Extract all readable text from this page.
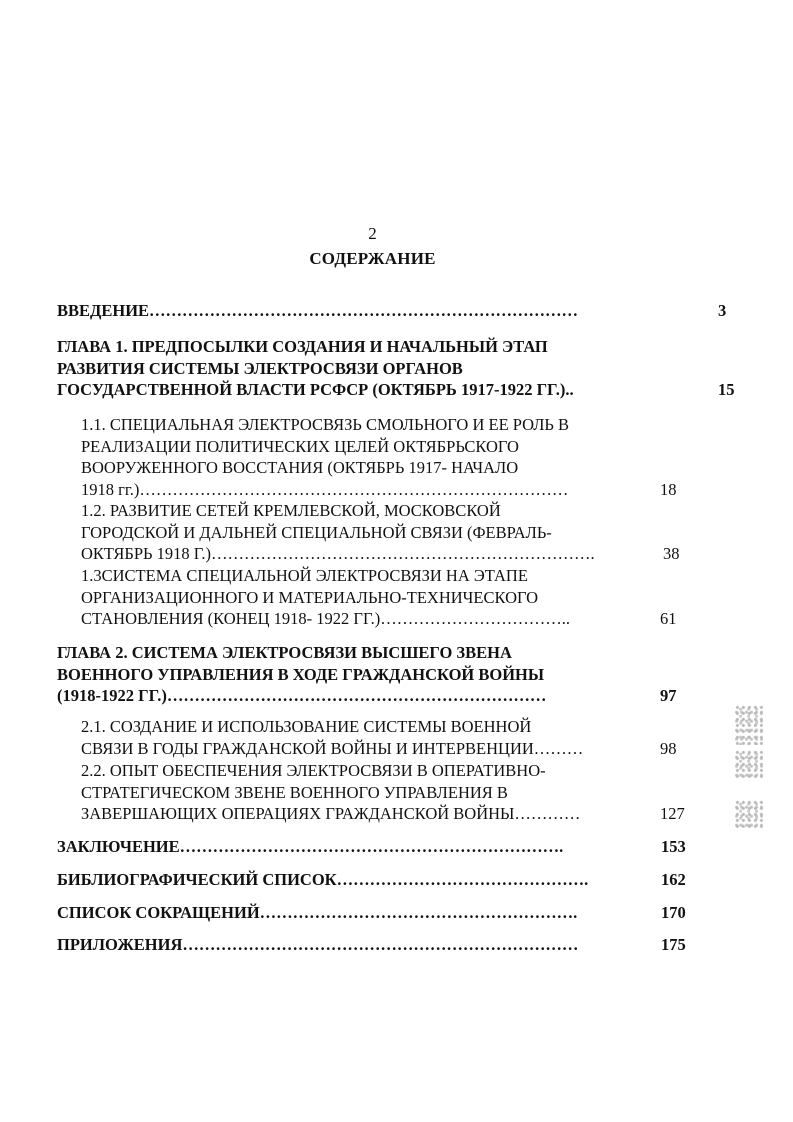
2
СОДЕРЖАНИЕ
ВВЕДЕНИЕ……………………………………………………………………	3
ГЛАВА 1. ПРЕДПОСЫЛКИ СОЗДАНИЯ И НАЧАЛЬНЫЙ ЭТАП
РАЗВИТИЯ СИСТЕМЫ ЭЛЕКТРОСВЯЗИ ОРГАНОВ
ГОСУДАРСТВЕННОЙ ВЛАСТИ РСФСР (ОКТЯБРЬ 1917-1922 ГГ.)..	15
1.1. СПЕЦИАЛЬНАЯ ЭЛЕКТРОСВЯЗЬ СМОЛЬНОГО И ЕЕ РОЛЬ В
РЕАЛИЗАЦИИ ПОЛИТИЧЕСКИХ ЦЕЛЕЙ ОКТЯБРЬСКОГО
ВООРУЖЕННОГО ВОССТАНИЯ (ОКТЯБРЬ 1917- НАЧАЛО
1918 гг.)……………………………………………………………………	18
1.2. РАЗВИТИЕ СЕТЕЙ КРЕМЛЕВСКОЙ, МОСКОВСКОЙ
ГОРОДСКОЙ И ДАЛЬНЕЙ СПЕЦИАЛЬНОЙ СВЯЗИ (ФЕВРАЛЬ-
ОКТЯБРЬ 1918 Г.)…………………………………………………………….	38
1.3СИСТЕМА СПЕЦИАЛЬНОЙ ЭЛЕКТРОСВЯЗИ НА ЭТАПЕ
ОРГАНИЗАЦИОННОГО И МАТЕРИАЛЬНО-ТЕХНИЧЕСКОГО
СТАНОВЛЕНИЯ (КОНЕЦ 1918- 1922 ГГ.)……………………………..	61
ГЛАВА 2. СИСТЕМА ЭЛЕКТРОСВЯЗИ ВЫСШЕГО ЗВЕНА
ВОЕННОГО УПРАВЛЕНИЯ В ХОДЕ ГРАЖДАНСКОЙ ВОЙНЫ
(1918-1922 ГГ.)……………………………………………………………	97
2.1. СОЗДАНИЕ И ИСПОЛЬЗОВАНИЕ СИСТЕМЫ ВОЕННОЙ
СВЯЗИ В ГОДЫ ГРАЖДАНСКОЙ ВОЙНЫ И ИНТЕРВЕНЦИИ………	98
2.2. ОПЫТ ОБЕСПЕЧЕНИЯ ЭЛЕКТРОСВЯЗИ В ОПЕРАТИВНО-
СТРАТЕГИЧЕСКОМ ЗВЕНЕ ВОЕННОГО УПРАВЛЕНИЯ В
ЗАВЕРШАЮЩИХ ОПЕРАЦИЯХ ГРАЖДАНСКОЙ ВОЙНЫ…………	127
ЗАКЛЮЧЕНИЕ…………………………………………………………….	153
БИБЛИОГРАФИЧЕСКИЙ СПИСОК……………………………………….	162
СПИСОК СОКРАЩЕНИЙ………………………………………………….	170
ПРИЛОЖЕНИЯ………………………………………………………………	175
